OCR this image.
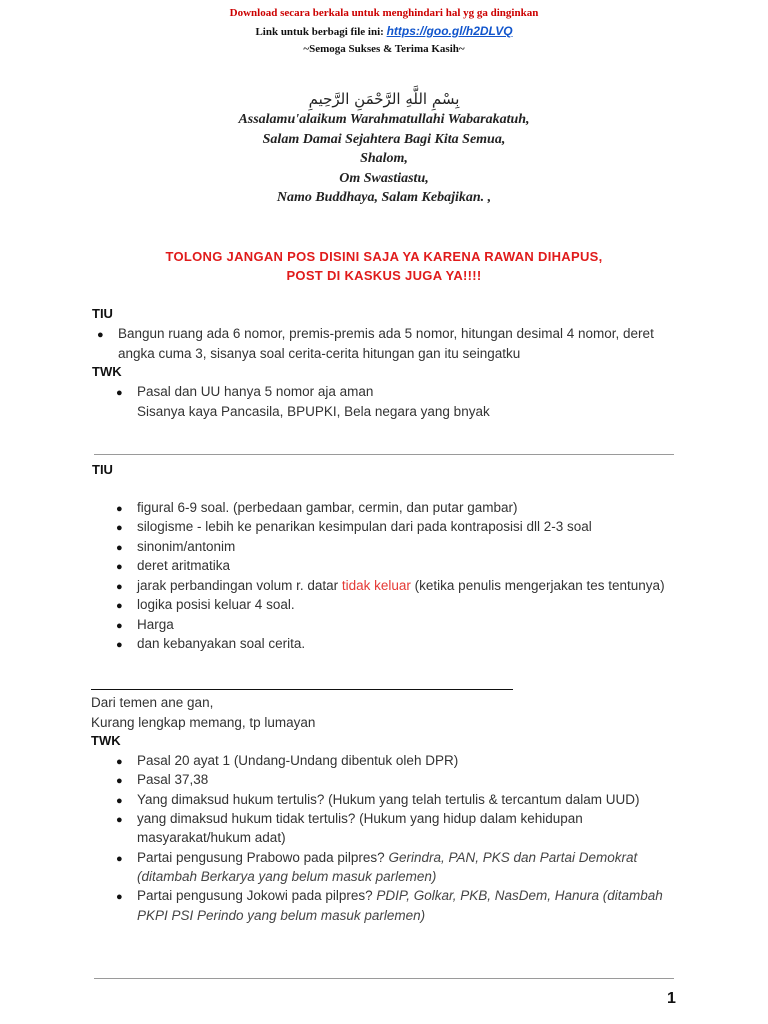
Download secara berkala untuk menghindari hal yg ga dinginkan
Link untuk berbagi file ini: https://goo.gl/h2DLVQ
~Semoga Sukses & Terima Kasih~
بِسْمِ اللَّهِ الرَّحْمَنِ الرَّحِيمِ
Assalamu'alaikum Warahmatullahi Wabarakatuh,
Salam Damai Sejahtera Bagi Kita Semua,
Shalom,
Om Swastiastu,
Namo Buddhaya, Salam Kebajikan. ,
TOLONG JANGAN POS DISINI SAJA YA KARENA RAWAN DIHAPUS,
POST DI KASKUS JUGA YA!!!!
TIU
● Bangun ruang ada 6 nomor, premis-premis ada 5 nomor, hitungan desimal 4 nomor, deret
angka cuma 3, sisanya soal cerita-cerita hitungan gan itu seingatku
TWK
● Pasal dan UU hanya 5 nomor aja aman
Sisanya kaya Pancasila, BPUPKI, Bela negara yang bnyak
TIU
● figural 6-9 soal. (perbedaan gambar, cermin, dan putar gambar)
● silogisme - lebih ke penarikan kesimpulan dari pada kontraposisi dll 2-3 soal
● sinonim/antonim
● deret aritmatika
● jarak perbandingan volum r. datar tidak keluar (ketika penulis mengerjakan tes tentunya)
● logika posisi keluar 4 soal.
● Harga
● dan kebanyakan soal cerita.
Dari temen ane gan,
Kurang lengkap memang, tp lumayan
TWK
● Pasal 20 ayat 1 (Undang-Undang dibentuk oleh DPR)
● Pasal 37,38
● Yang dimaksud hukum tertulis? (Hukum yang telah tertulis & tercantum dalam UUD)
● yang dimaksud hukum tidak tertulis? (Hukum yang hidup dalam kehidupan
masyarakat/hukum adat)
● Partai pengusung Prabowo pada pilpres? Gerindra, PAN, PKS dan Partai Demokrat
(ditambah Berkarya yang belum masuk parlemen)
● Partai pengusung Jokowi pada pilpres? PDIP, Golkar, PKB, NasDem, Hanura (ditambah
PKPI PSI Perindo yang belum masuk parlemen)
1
